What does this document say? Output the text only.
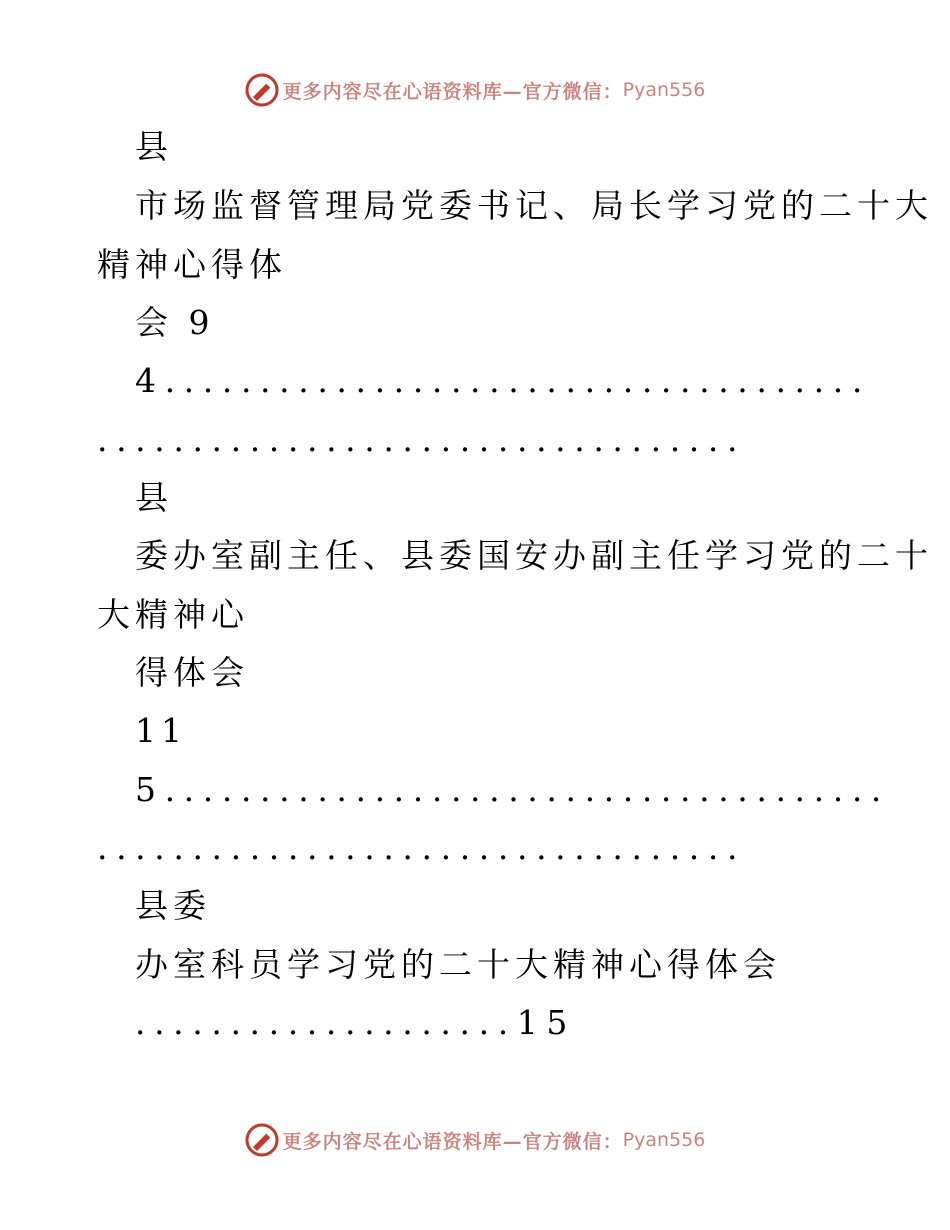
更多内容尽在心语资料库—官方微信： Pyan556
县
市场监督管理局党委书记、局长学习党的二十大
精神心得体
会 9
4.....................................
..................................
县
委办室副主任、县委国安办副主任学习党的二十
大精神心
得体会
11
5......................................
..................................
县委
办室科员学习党的二十大精神心得体会
....................15
更多内容尽在心语资料库—官方微信： Pyan556
